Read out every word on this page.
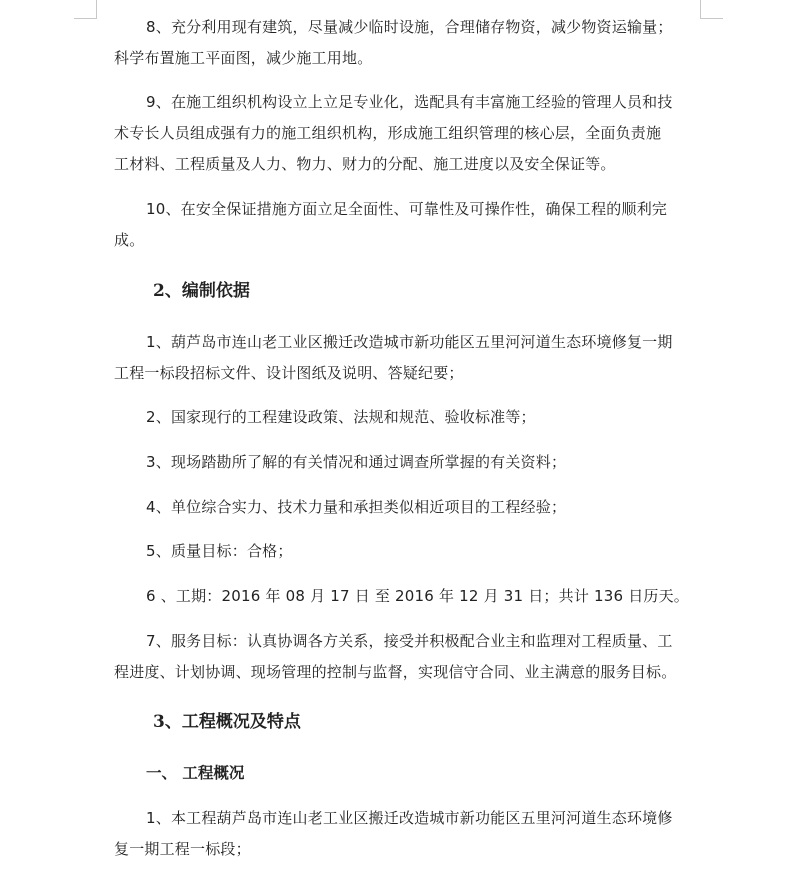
8、充分利用现有建筑，尽量减少临时设施，合理储存物资，减少物资运输量；
科学布置施工平面图，减少施工用地。
9、在施工组织机构设立上立足专业化，选配具有丰富施工经验的管理人员和技
术专长人员组成强有力的施工组织机构，形成施工组织管理的核心层，全面负责施
工材料、工程质量及人力、物力、财力的分配、施工进度以及安全保证等。
10、在安全保证措施方面立足全面性、可靠性及可操作性，确保工程的顺利完
成。
2、编制依据
1、葫芦岛市连山老工业区搬迁改造城市新功能区五里河河道生态环境修复一期
工程一标段招标文件、设计图纸及说明、答疑纪要；
2、国家现行的工程建设政策、法规和规范、验收标准等；
3、现场踏勘所了解的有关情况和通过调查所掌握的有关资料；
4、单位综合实力、技术力量和承担类似相近项目的工程经验；
5、质量目标：合格；
6 、工期：2016 年 08 月 17 日 至 2016 年 12 月 31 日；共计 136 日历天。
7、服务目标：认真协调各方关系，接受并积极配合业主和监理对工程质量、工
程进度、计划协调、现场管理的控制与监督，实现信守合同、业主满意的服务目标。
3、工程概况及特点
一、 工程概况
1、本工程葫芦岛市连山老工业区搬迁改造城市新功能区五里河河道生态环境修
复一期工程一标段；
